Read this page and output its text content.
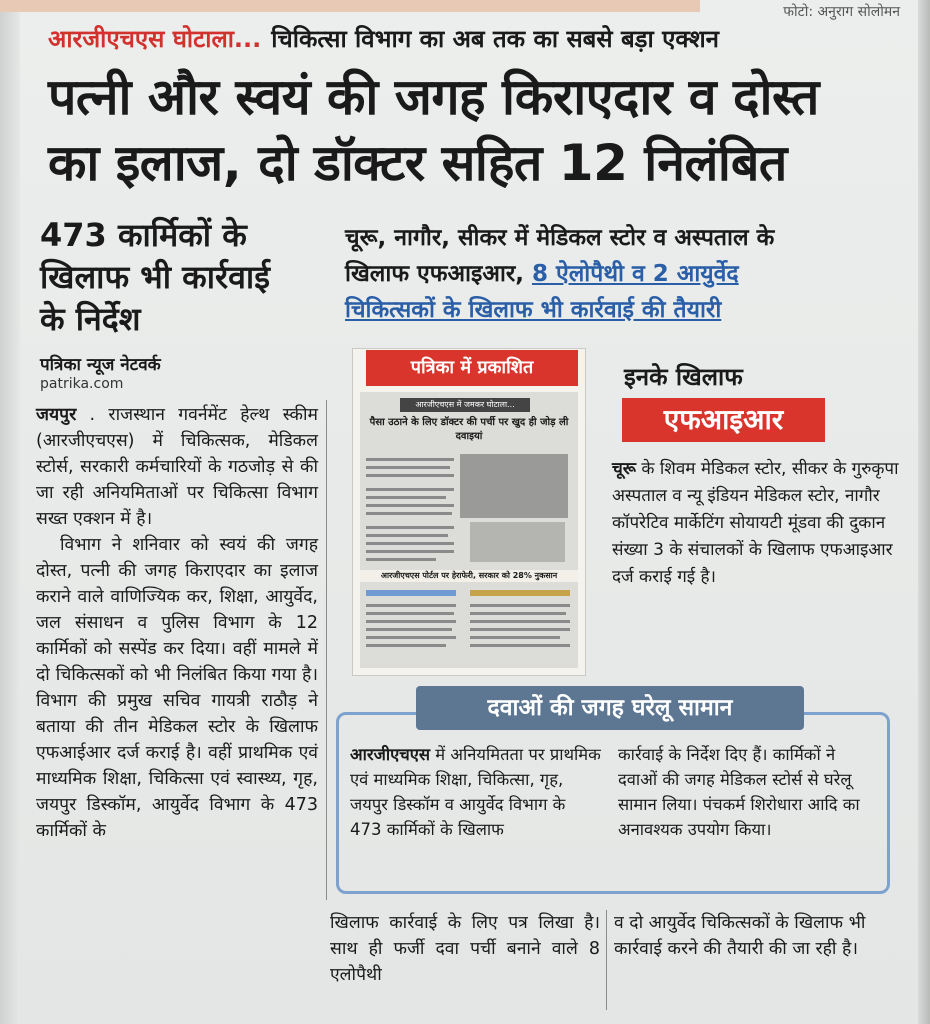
फोटो: अनुराग सोलोमन
आरजीएचएस घोटाला... चिकित्सा विभाग का अब तक का सबसे बड़ा एक्शन
पत्नी और स्वयं की जगह किराएदार व दोस्त
का इलाज, दो डॉक्टर सहित 12 निलंबित
473 कार्मिकों के
खिलाफ भी कार्रवाई
के निर्देश
चूरू, नागौर, सीकर में मेडिकल स्टोर व अस्पताल के
खिलाफ एफआइआर, 8 ऐलोपैथी व 2 आयुर्वेद
चिकित्सकों के खिलाफ भी कार्रवाई की तैयारी
पत्रिका न्यूज नेटवर्क
patrika.com
जयपुर . राजस्थान गवर्नमेंट हेल्थ स्कीम (आरजीएचएस) में चिकित्सक, मेडिकल स्टोर्स, सरकारी कर्मचारियों के गठजोड़ से की जा रही अनियमिताओं पर चिकित्सा विभाग सख्त एक्शन में है।
विभाग ने शनिवार को स्वयं की जगह दोस्त, पत्नी की जगह किराएदार का इलाज कराने वाले वाणिज्यिक कर, शिक्षा, आयुर्वेद, जल संसाधन व पुलिस विभाग के 12 कार्मिकों को सस्पेंड कर दिया। वहीं मामले में दो चिकित्सकों को भी निलंबित किया गया है। विभाग की प्रमुख सचिव गायत्री राठौड़ ने बताया की तीन मेडिकल स्टोर के खिलाफ एफआईआर दर्ज कराई है। वहीं प्राथमिक एवं माध्यमिक शिक्षा, चिकित्सा एवं स्वास्थ्य, गृह, जयपुर डिस्कॉम, आयुर्वेद विभाग के 473 कार्मिकों के
पत्रिका में प्रकाशित
आरजीएचएस में जमकर घोटाला...
पैसा उठाने के लिए डॉक्टर की पर्ची पर खुद ही जोड़ ली दवाइयां
आरजीएचएस पोर्टल पर हेराफेरी, सरकार को 28% नुकसान
इनके खिलाफ
एफआइआर
चूरू के शिवम मेडिकल स्टोर, सीकर के गुरुकृपा अस्पताल व न्यू इंडियन मेडिकल स्टोर, नागौर कॉपरेटिव मार्केटिंग सोयायटी मूंडवा की दुकान संख्या 3 के संचालकों के खिलाफ एफआइआर दर्ज कराई गई है।
दवाओं की जगह घरेलू सामान
आरजीएचएस में अनियमितता पर प्राथमिक एवं माध्यमिक शिक्षा, चिकित्सा, गृह, जयपुर डिस्कॉम व आयुर्वेद विभाग के 473 कार्मिकों के खिलाफ
कार्रवाई के निर्देश दिए हैं। कार्मिकों ने दवाओं की जगह मेडिकल स्टोर्स से घरेलू सामान लिया। पंचकर्म शिरोधारा आदि का अनावश्यक उपयोग किया।
खिलाफ कार्रवाई के लिए पत्र लिखा है। साथ ही फर्जी दवा पर्ची बनाने वाले 8 एलोपैथी
व दो आयुर्वेद चिकित्सकों के खिलाफ भी कार्रवाई करने की तैयारी की जा रही है।
